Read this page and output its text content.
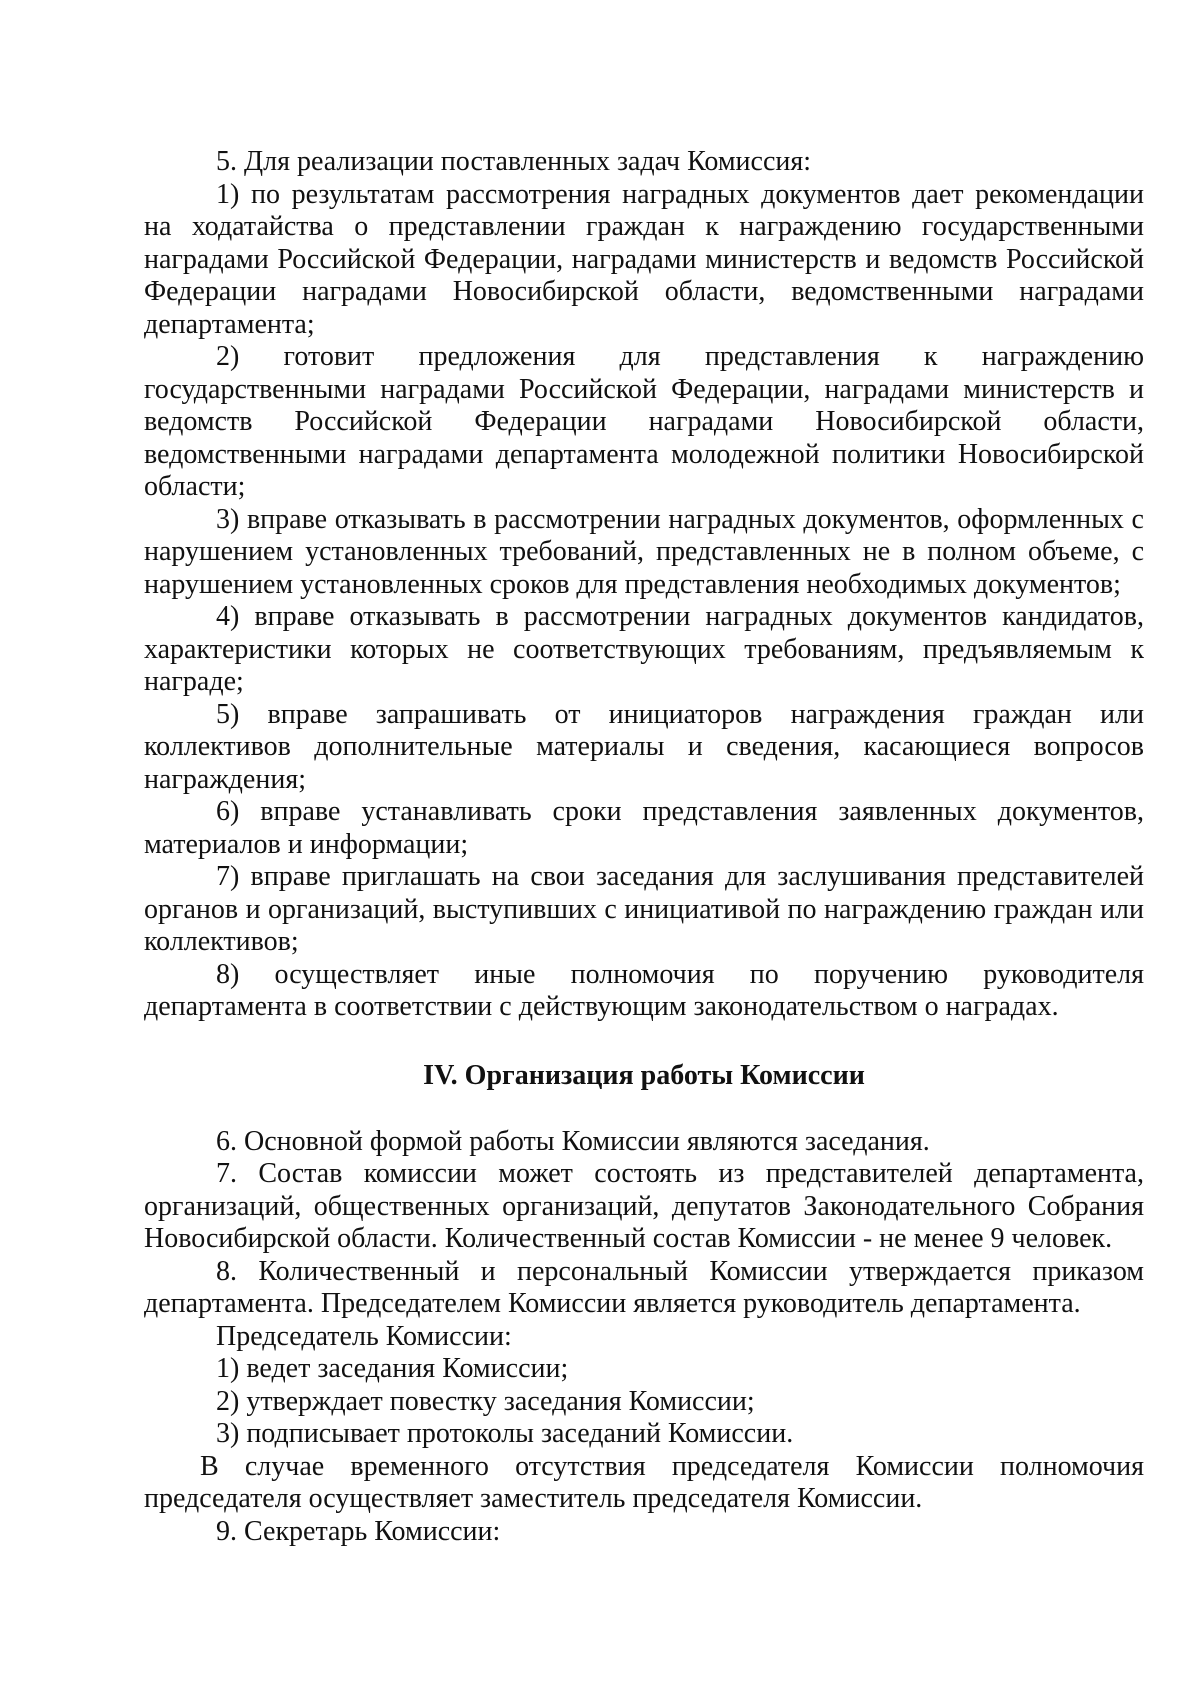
5. Для реализации поставленных задач Комиссия:

1) по результатам рассмотрения наградных документов дает рекомендации на ходатайства о представлении граждан к награждению государственными наградами Российской Федерации, наградами министерств и ведомств Российской Федерации наградами Новосибирской области, ведомственными наградами департамента;

2) готовит предложения для представления к награждению государственными наградами Российской Федерации, наградами министерств и ведомств Российской Федерации наградами Новосибирской области, ведомственными наградами департамента молодежной политики Новосибирской области;

3) вправе отказывать в рассмотрении наградных документов, оформленных с нарушением установленных требований, представленных не в полном объеме, с нарушением установленных сроков для представления необходимых документов;

4) вправе отказывать в рассмотрении наградных документов кандидатов, характеристики которых не соответствующих требованиям, предъявляемым к награде;

5) вправе запрашивать от инициаторов награждения граждан или коллективов дополнительные материалы и сведения, касающиеся вопросов награждения;

6) вправе устанавливать сроки представления заявленных документов, материалов и информации;

7) вправе приглашать на свои заседания для заслушивания представителей органов и организаций, выступивших с инициативой по награждению граждан или коллективов;

8) осуществляет иные полномочия по поручению руководителя департамента в соответствии с действующим законодательством о наградах.

IV. Организация работы Комиссии

6. Основной формой работы Комиссии являются заседания.

7. Состав комиссии может состоять из представителей департамента, организаций, общественных организаций, депутатов Законодательного Собрания Новосибирской области. Количественный состав Комиссии - не менее 9 человек.

8. Количественный и персональный Комиссии утверждается приказом департамента. Председателем Комиссии является руководитель департамента.

Председатель Комиссии:

1) ведет заседания Комиссии;

2) утверждает повестку заседания Комиссии;

3) подписывает протоколы заседаний Комиссии.

В случае временного отсутствия председателя Комиссии полномочия председателя осуществляет заместитель председателя Комиссии.

9. Секретарь Комиссии:
